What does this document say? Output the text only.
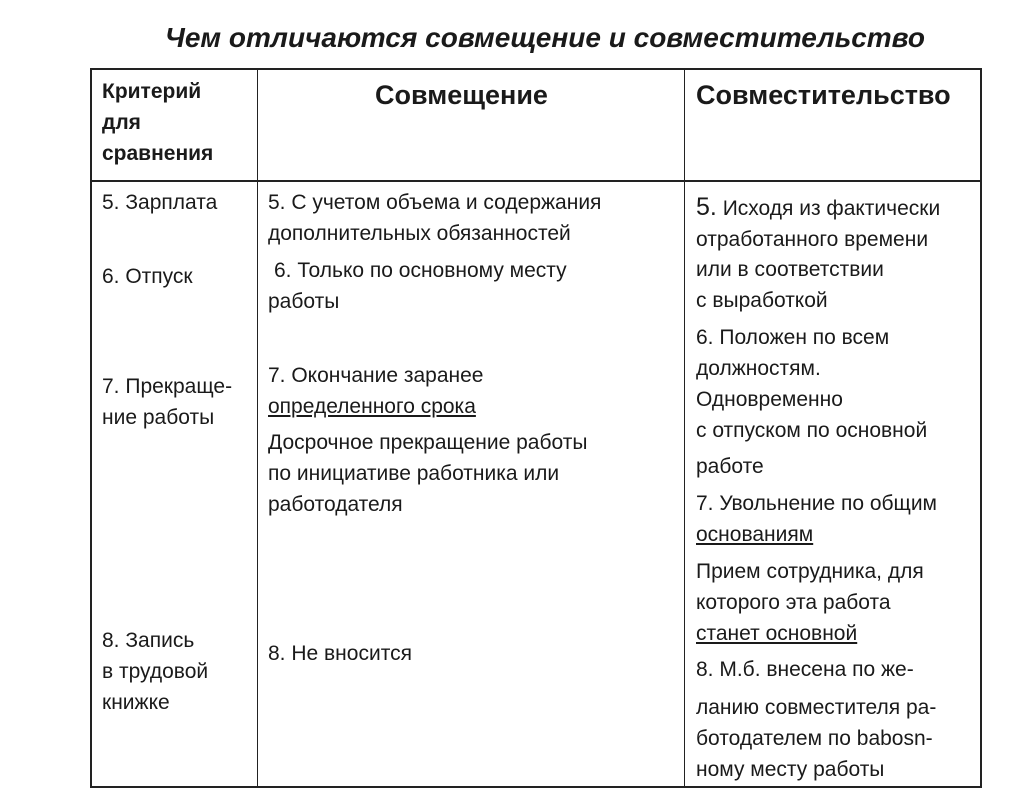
Чем отличаются совмещение и совместительство
Критерий
для
сравнения
Совмещение	Совместительство
5. Зарплата
6. Отпуск
7. Прекраще-
ние работы
8. Запись
в трудовой
книжке
5. С учетом объема и содержания
дополнительных обязанностей
6. Только по основному месту
работы
7. Окончание заранее
определенного срока
Досрочное прекращение работы
по инициативе работника или
работодателя
8. Не вносится
5. Исходя из фактически
отработанного времени
или в соответствии
с выработкой
6. Положен по всем
должностям.
Одновременно
с отпуском по основной
работе
7. Увольнение по общим
основаниям
Прием сотрудника, для
которого эта работа
станет основной
8. М.б. внесена по же-
ланию совместителя ра-
ботодателем по babosn-
ному месту работы
